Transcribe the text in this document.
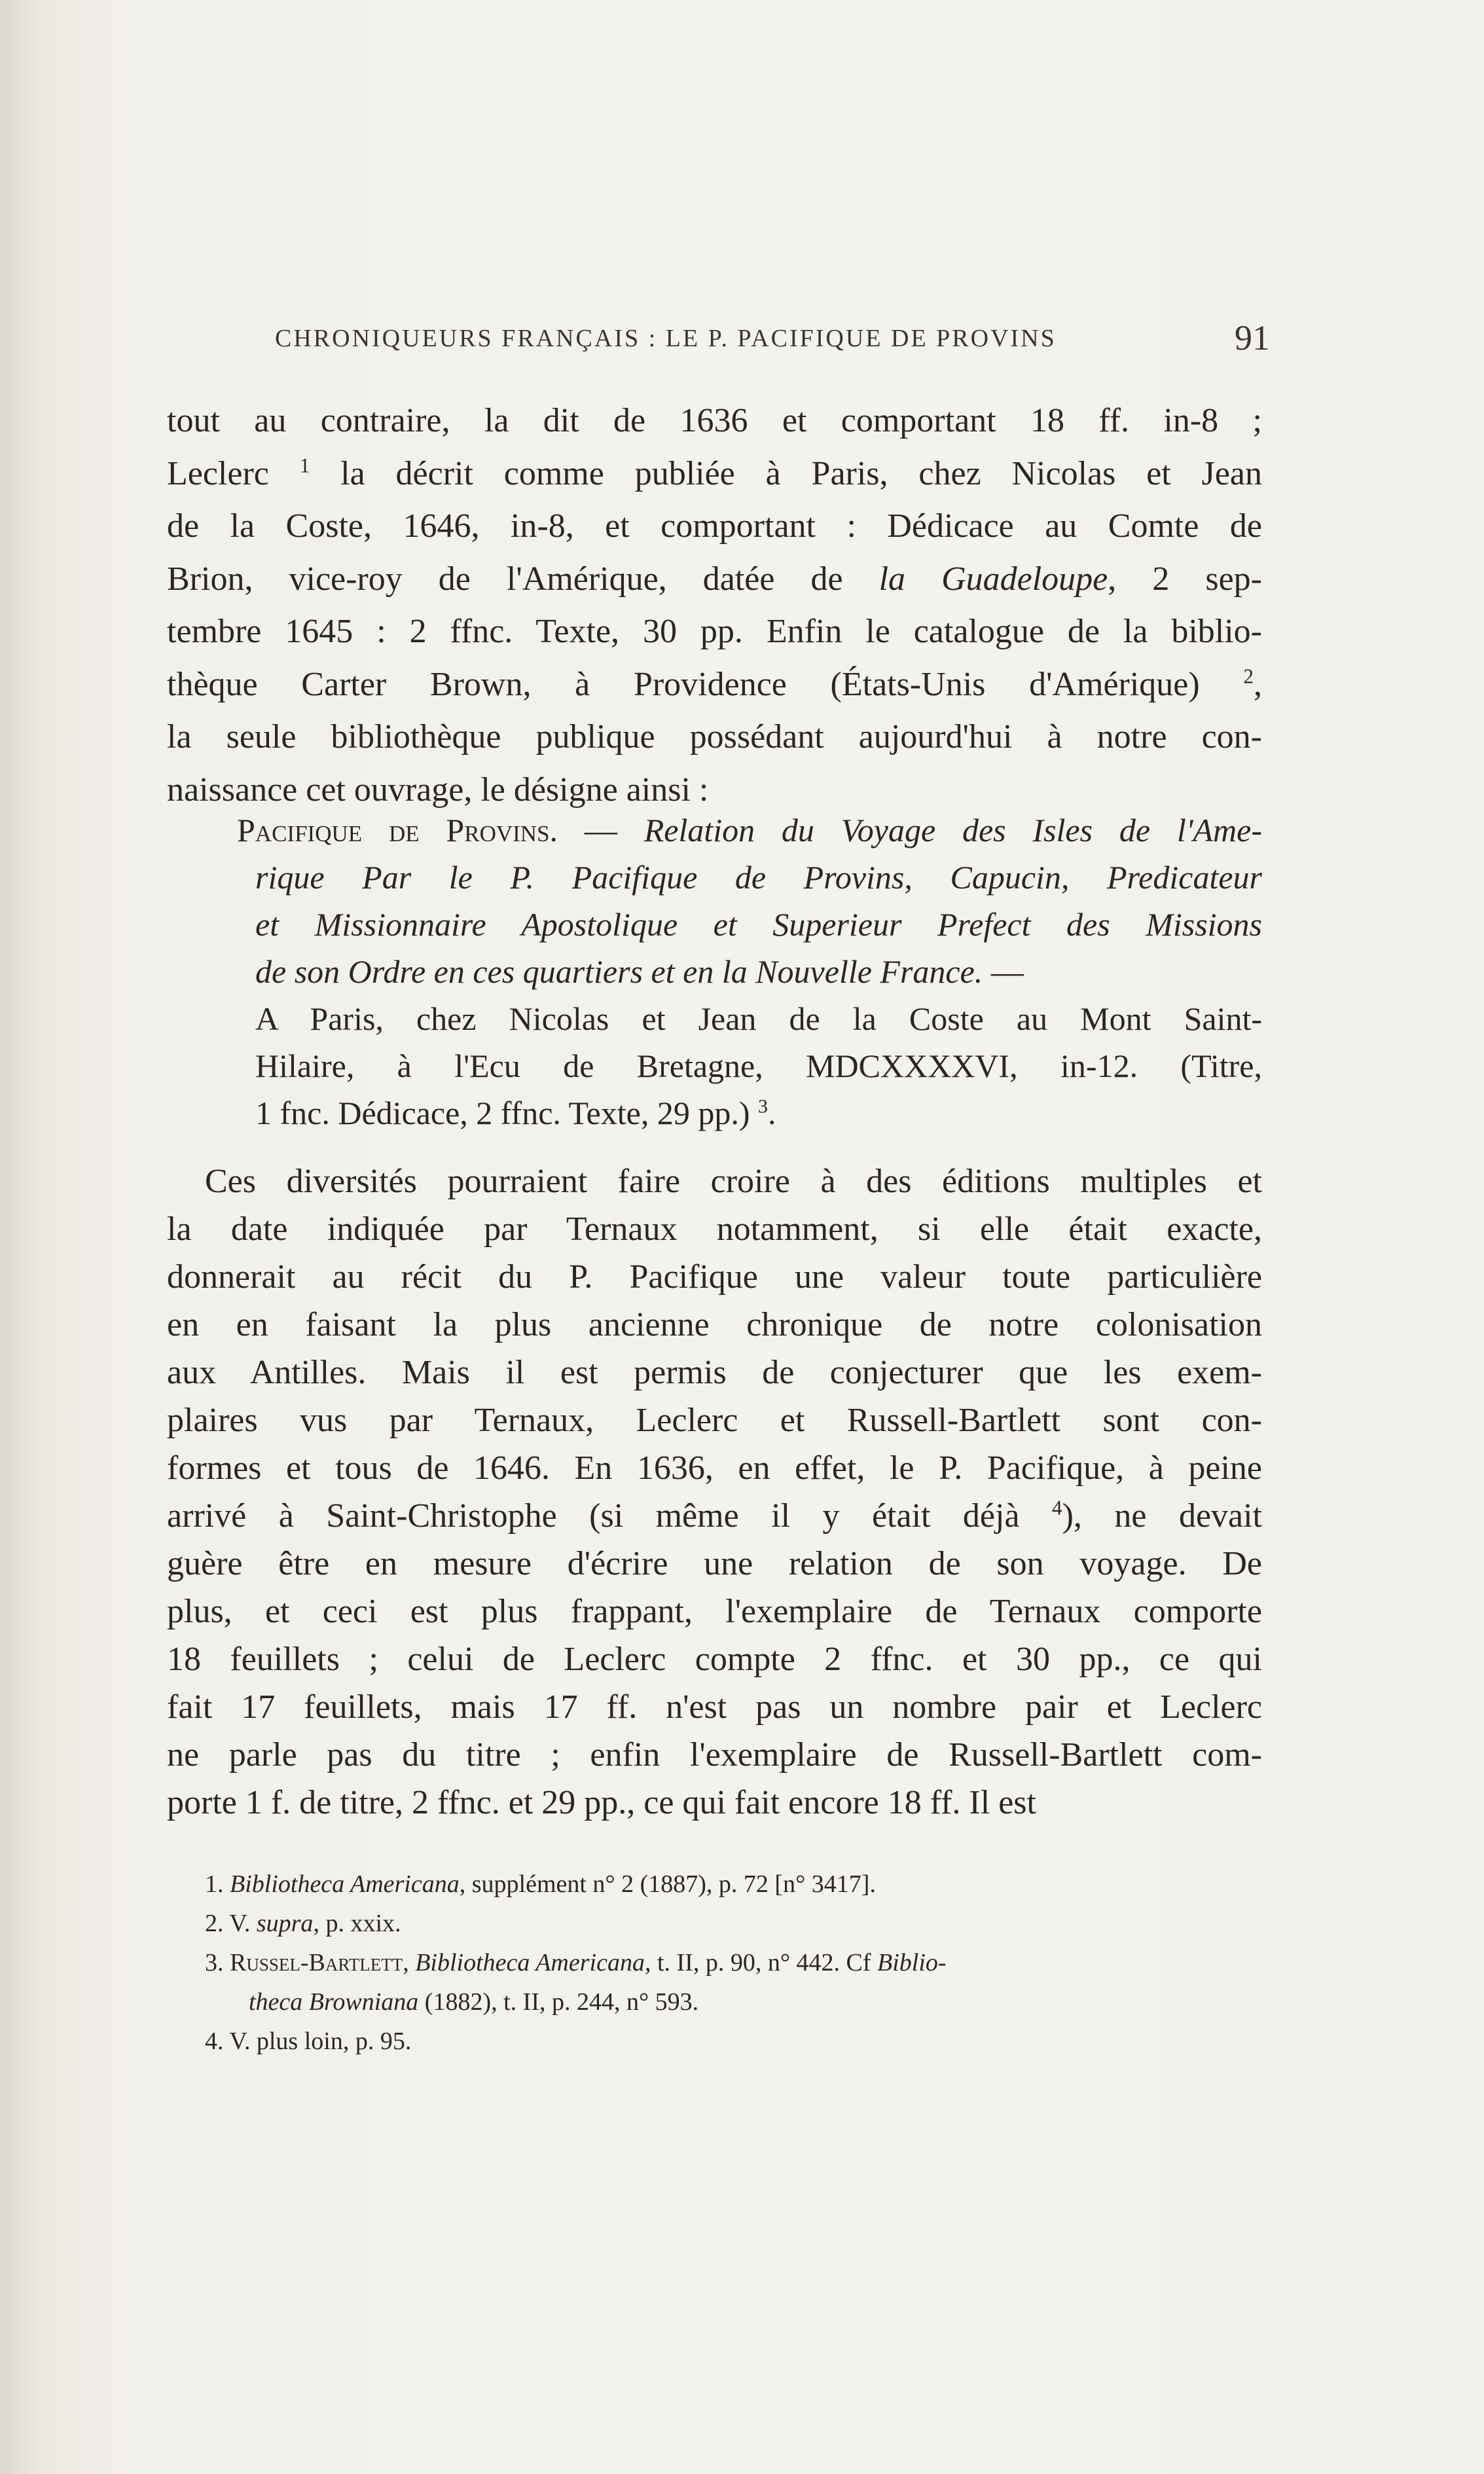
CHRONIQUEURS FRANÇAIS : LE P. PACIFIQUE DE PROVINS	91
tout au contraire, la dit de 1636 et comportant 18 ff. in-8 ;
Leclerc $^1$ la décrit comme publiée à Paris, chez Nicolas et Jean
de la Coste, 1646, in-8, et comportant : Dédicace au Comte de
Brion, vice-roy de l'Amérique, datée de la Guadeloupe, 2 sep-
tembre 1645 : 2 ffnc. Texte, 30 pp. Enfin le catalogue de la biblio-
thèque Carter Brown, à Providence (États-Unis d'Amérique) $^2$,
la seule bibliothèque publique possédant aujourd'hui à notre con-
naissance cet ouvrage, le désigne ainsi :
Pacifique de Provins. — Relation du Voyage des Isles de l'Ame-
rique Par le P. Pacifique de Provins, Capucin, Predicateur
et Missionnaire Apostolique et Superieur Prefect des Missions
de son Ordre en ces quartiers et en la Nouvelle France. —
A Paris, chez Nicolas et Jean de la Coste au Mont Saint-
Hilaire, à l'Ecu de Bretagne, MDCXXXXVI, in-12. (Titre,
1 fnc. Dédicace, 2 ffnc. Texte, 29 pp.) $^3$.
Ces diversités pourraient faire croire à des éditions multiples et
la date indiquée par Ternaux notamment, si elle était exacte,
donnerait au récit du P. Pacifique une valeur toute particulière
en en faisant la plus ancienne chronique de notre colonisation
aux Antilles. Mais il est permis de conjecturer que les exem-
plaires vus par Ternaux, Leclerc et Russell-Bartlett sont con-
formes et tous de 1646. En 1636, en effet, le P. Pacifique, à peine
arrivé à Saint-Christophe (si même il y était déjà $^4$), ne devait
guère être en mesure d'écrire une relation de son voyage. De
plus, et ceci est plus frappant, l'exemplaire de Ternaux comporte
18 feuillets ; celui de Leclerc compte 2 ffnc. et 30 pp., ce qui
fait 17 feuillets, mais 17 ff. n'est pas un nombre pair et Leclerc
ne parle pas du titre ; enfin l'exemplaire de Russell-Bartlett com-
porte 1 f. de titre, 2 ffnc. et 29 pp., ce qui fait encore 18 ff. Il est
1. Bibliotheca Americana, supplément n° 2 (1887), p. 72 [n° 3417].
2. V. supra, p. xxix.
3. Russel-Bartlett, Bibliotheca Americana, t. II, p. 90, n° 442. Cf Biblio-
theca Browniana (1882), t. II, p. 244, n° 593.
4. V. plus loin, p. 95.
